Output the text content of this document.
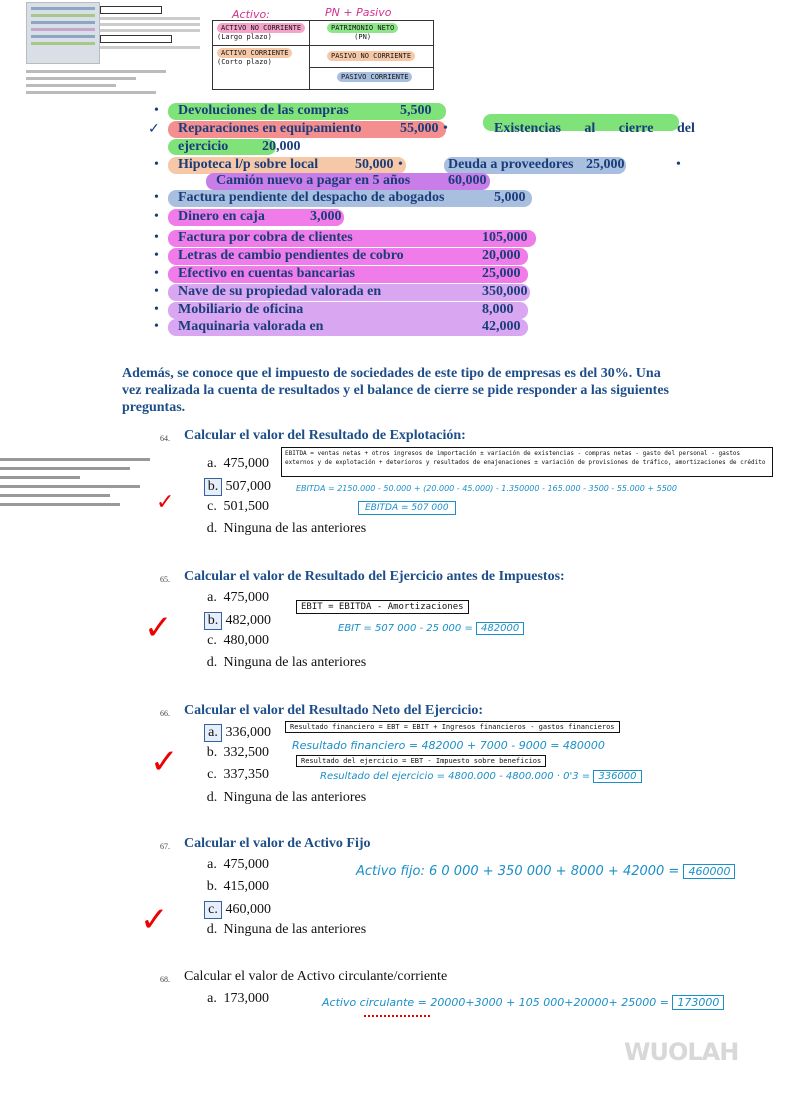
Activo:	PN + Pasivo
ACTIVO NO CORRIENTE
(Largo plazo)
ACTIVO CORRIENTE
(Corto plazo)
PATRIMONIO NETO
(PN)
PASIVO NO CORRIENTE
PASIVO CORRIENTE
• Devoluciones de las compras	5,500
✓ Reparaciones en equipamiento	55,000 •	Existencias al cierre del
ejercicio 20,000
• Hipoteca l/p sobre local	50,000 •	Deuda a proveedores 25,000	•
Camión nuevo a pagar en 5 años	60,000
• Factura pendiente del despacho de abogados	5,000
• Dinero en caja	3,000
• Factura por cobra de clientes	105,000
• Letras de cambio pendientes de cobro	20,000
• Efectivo en cuentas bancarias	25,000
• Nave de su propiedad valorada en	350,000
• Mobiliario de oficina	8,000
• Maquinaria valorada en	42,000
Además, se conoce que el impuesto de sociedades de este tipo de empresas es del 30%. Una vez realizada la cuenta de resultados y el balance de cierre se pide responder a las siguientes preguntas.
64. Calcular el valor del Resultado de Explotación:
a. 475,000
b. 507,000
c. 501,500
d. Ninguna de las anteriores
EBITDA = ventas netas + otros ingresos de importación ± variación de existencias - compras netas - gasto del personal - gastos externos y de explotación + deterioros y resultados de enajenaciones ± variación de provisiones de tráfico, amortizaciones de crédito
EBITDA = 2150.000 - 50.000 + (20.000 - 45.000) - 1.350000 - 165.000 - 3500 - 55.000 + 5500
EBITDA = 507 000
✓
65. Calcular el valor de Resultado del Ejercicio antes de Impuestos:
a. 475,000
b. 482,000
c. 480,000
d. Ninguna de las anteriores
EBIT = EBITDA - Amortizaciones
EBIT = 507 000 - 25 000 = 482000
✓
66. Calcular el valor del Resultado Neto del Ejercicio:
a. 336,000
b. 332,500
c. 337,350
d. Ninguna de las anteriores
Resultado financiero = EBT = EBIT + Ingresos financieros - gastos financieros
Resultado financiero = 482000 + 7000 - 9000 = 480000
Resultado del ejercicio = EBT - Impuesto sobre beneficios
Resultado del ejercicio = 4800.000 - 4800.000 · 0'3 = 336000
✓
67. Calcular el valor de Activo Fijo
a. 475,000
b. 415,000
c. 460,000
d. Ninguna de las anteriores
Activo fijo: 6 0 000 + 350 000 + 8000 + 42000 = 460000
✓
68. Calcular el valor de Activo circulante/corriente
a. 173,000	Activo circulante = 20000+3000 + 105 000+20000+ 25000 = 173000
WUOLAH
